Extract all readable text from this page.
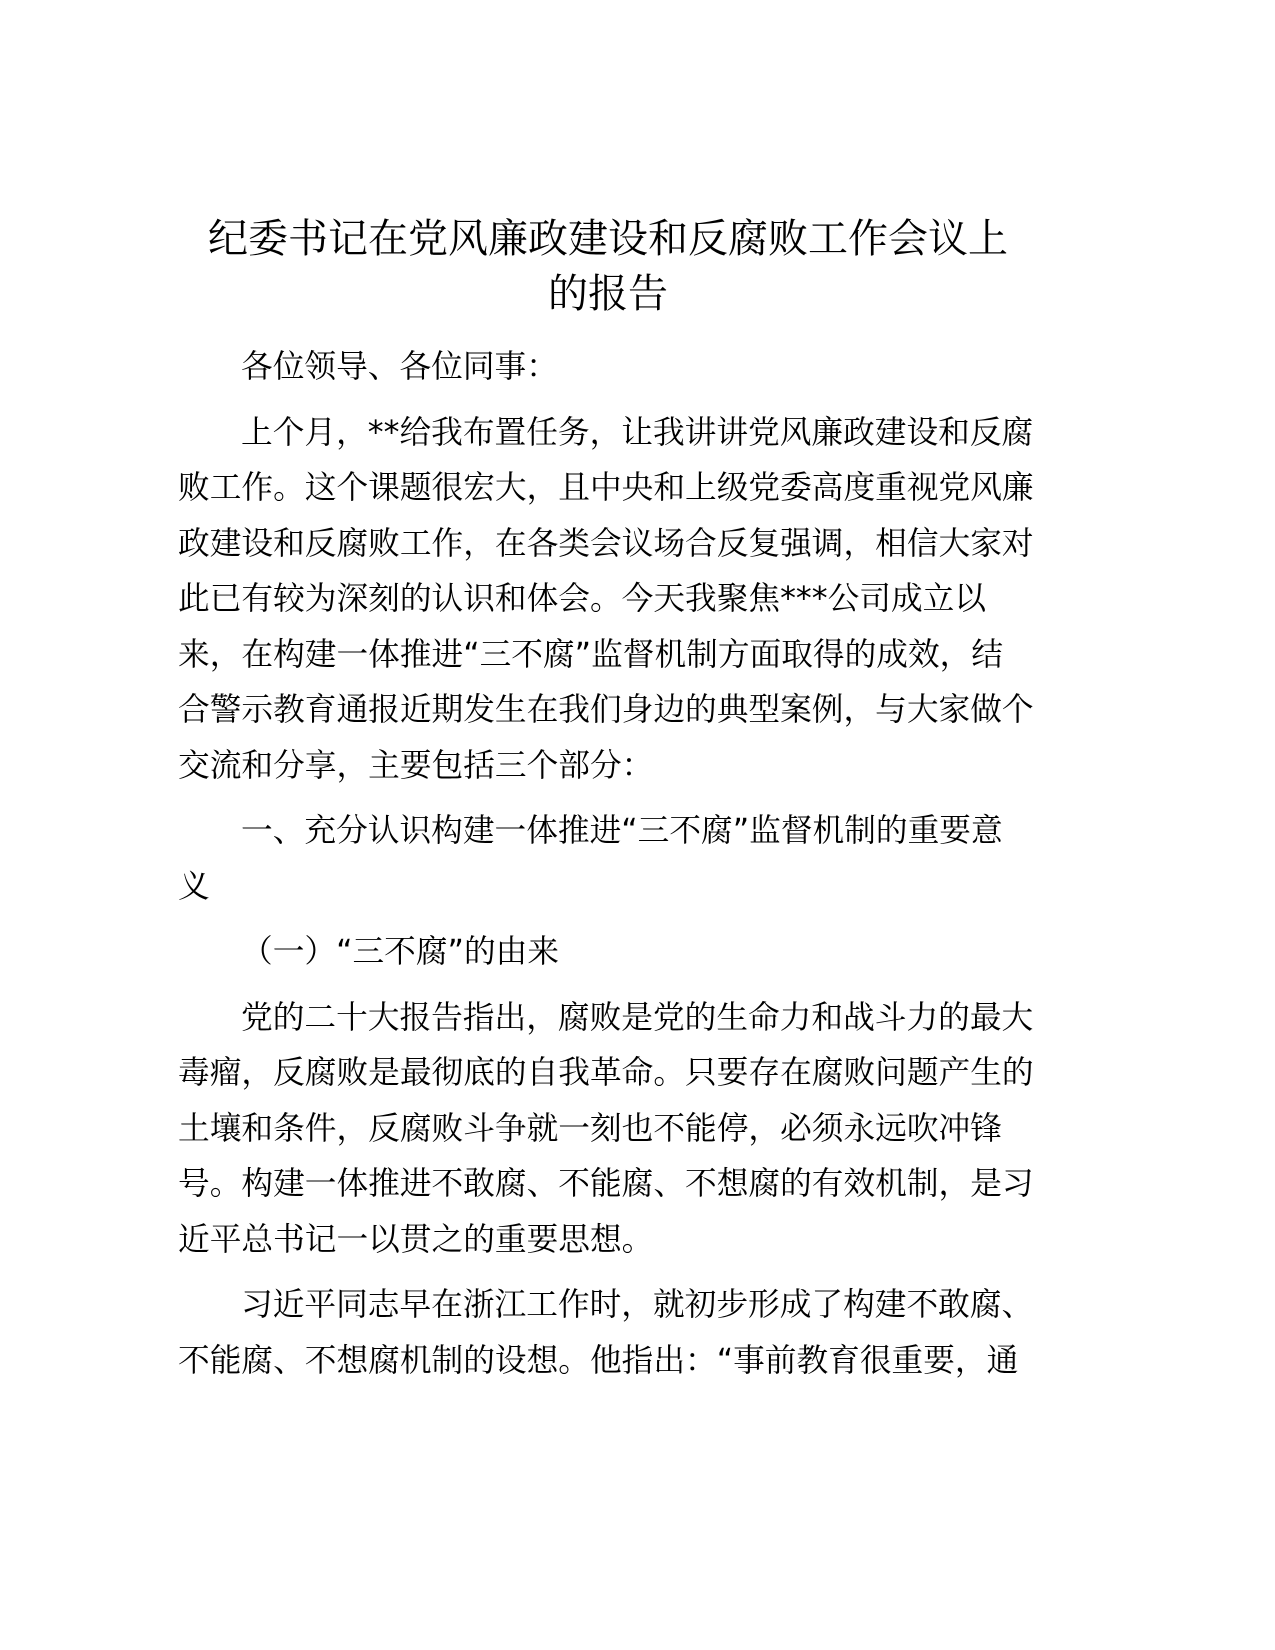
纪委书记在党风廉政建设和反腐败工作会议上
的报告

各位领导、各位同事：

上个月，**给我布置任务，让我讲讲党风廉政建设和反腐
败工作。这个课题很宏大，且中央和上级党委高度重视党风廉
政建设和反腐败工作，在各类会议场合反复强调，相信大家对
此已有较为深刻的认识和体会。今天我聚焦***公司成立以
来，在构建一体推进“三不腐”监督机制方面取得的成效，结
合警示教育通报近期发生在我们身边的典型案例，与大家做个
交流和分享，主要包括三个部分：

一、充分认识构建一体推进“三不腐”监督机制的重要意
义

（一）“三不腐”的由来

党的二十大报告指出，腐败是党的生命力和战斗力的最大
毒瘤，反腐败是最彻底的自我革命。只要存在腐败问题产生的
土壤和条件，反腐败斗争就一刻也不能停，必须永远吹冲锋
号。构建一体推进不敢腐、不能腐、不想腐的有效机制，是习
近平总书记一以贯之的重要思想。

习近平同志早在浙江工作时，就初步形成了构建不敢腐、
不能腐、不想腐机制的设想。他指出：“事前教育很重要，通
